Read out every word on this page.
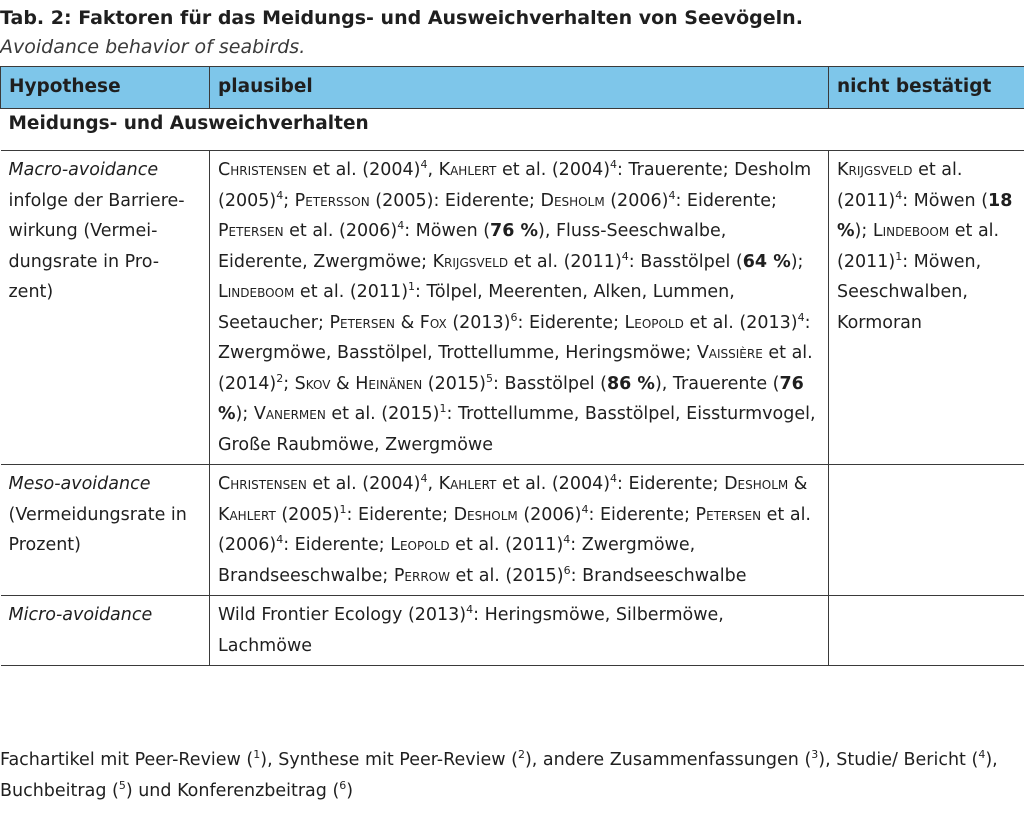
Tab. 2: Faktoren für das Meidungs- und Ausweichverhalten von Seevögeln.
Avoidance behavior of seabirds.
Hypothese	plausibel	nicht bestätigt
Meidungs- und Ausweichverhalten		
Macro-avoidance infolge der Barriere-wirkung (Vermei-dungsrate in Pro-zent)	Christensen et al. $(2004)^4$, Kahlert et al. $(2004)^4$: Trauerente; Desholm $(2005)^4$; Petersson (2005): Eiderente; Desholm $(2006)^4$: Eiderente; Petersen et al. $(2006)^4$: Möwen (76 %), Fluss-Seeschwalbe, Eiderente, Zwergmöwe; Krijgsveld et al. $(2011)^4$: Basstölpel (64 %); Lindeboom et al. $(2011)^1$: Tölpel, Meerenten, Alken, Lummen, Seetaucher; Petersen & Fox $(2013)^6$: Eiderente; Leopold et al. $(2013)^4$: Zwergmöwe, Basstölpel, Trottellumme, Heringsmöwe; Vaissière et al. $(2014)^2$; Skov & Heinänen $(2015)^5$: Basstölpel (86 %), Trauerente (76 %); Vanermen et al. $(2015)^1$: Trottellumme, Basstölpel, Eissturmvogel, Große Raubmöwe, Zwergmöwe	Krijgsveld et al. $(2011)^4$: Möwen (18 %); Lindeboom et al. $(2011)^1$: Möwen, Seeschwalben, Kormoran
Meso-avoidance (Vermeidungsrate in Prozent)	Christensen et al. $(2004)^4$, Kahlert et al. $(2004)^4$: Eiderente; Desholm & Kahlert $(2005)^1$: Eiderente; Desholm $(2006)^4$: Eiderente; Petersen et al. $(2006)^4$: Eiderente; Leopold et al. $(2011)^4$: Zwergmöwe, Brandseeschwalbe; Perrow et al. $(2015)^6$: Brandseeschwalbe	
Micro-avoidance	Wild Frontier Ecology $(2013)^4$: Heringsmöwe, Silbermöwe, Lachmöwe	
Fachartikel mit Peer-Review ($^1$), Synthese mit Peer-Review ($^2$), andere Zusammenfassungen ($^3$), Studie/ Bericht ($^4$), Buchbeitrag ($^5$) und Konferenzbeitrag ($^6$)
